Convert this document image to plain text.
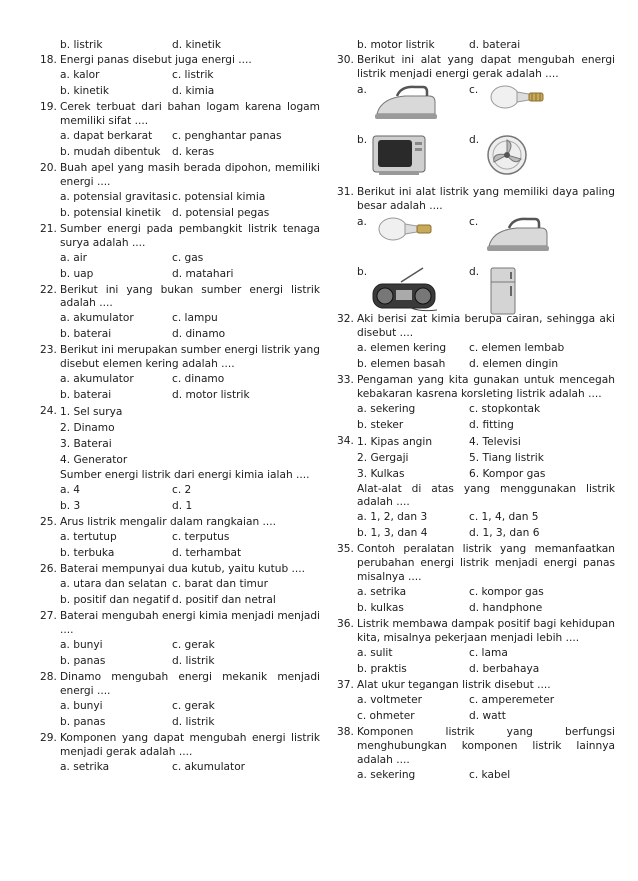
b. listrik	d. kinetik
18. Energi panas disebut juga energi ....
a. kalor	c. listrik
b. kinetik	d. kimia
19. Cerek terbuat dari bahan logam karena logam memiliki sifat ....
a. dapat berkarat	c. penghantar panas
b. mudah dibentuk	d. keras
20. Buah apel yang masih berada dipohon, memiliki energi ....
a. potensial gravitasi c. potensial kimia
b. potensial kinetik	d. potensial pegas
21. Sumber energi pada pembangkit listrik tenaga surya adalah ....
a. air	c. gas
b. uap	d. matahari
22. Berikut ini yang bukan sumber energi listrik adalah ....
a. akumulator	c. lampu
b. baterai	d. dinamo
23. Berikut ini merupakan sumber energi listrik yang disebut elemen kering adalah ....
a. akumulator	c. dinamo
b. baterai	d. motor listrik
24. 1. Sel surya
2. Dinamo
3. Baterai
4. Generator
Sumber energi listrik dari energi kimia ialah ....
a. 4	c. 2
b. 3	d. 1
25. Arus listrik mengalir dalam rangkaian ....
a. tertutup	c. terputus
b. terbuka	d. terhambat
26. Baterai mempunyai dua kutub, yaitu kutub ....
a. utara dan selatan c. barat dan timur
b. positif dan negatif d. positif dan netral
27. Baterai mengubah energi kimia menjadi menjadi ....
a. bunyi	c. gerak
b. panas	d. listrik
28. Dinamo mengubah energi mekanik menjadi energi ....
a. bunyi	c. gerak
b. panas	d. listrik
29. Komponen yang dapat mengubah energi listrik menjadi gerak adalah ....
a. setrika	c. akumulator
b. motor listrik	d. baterai
30. Berikut ini alat yang dapat mengubah energi listrik menjadi energi gerak adalah ....
a.	c.
b.	d.
31. Berikut ini alat listrik yang memiliki daya paling besar adalah ....
a.	c.
b.	d.
32. Aki berisi zat kimia berupa cairan, sehingga aki disebut ....
a. elemen kering	c. elemen lembab
b. elemen basah	d. elemen dingin
33. Pengaman yang kita gunakan untuk mencegah kebakaran kasrena korsleting listrik adalah ....
a. sekering	c. stopkontak
b. steker	d. fitting
34. 1. Kipas angin	4. Televisi
2. Gergaji	5. Tiang listrik
3. Kulkas	6. Kompor gas
Alat-alat di atas yang menggunakan listrik adalah ....
a. 1, 2, dan 3	c. 1, 4, dan 5
b. 1, 3, dan 4	d. 1, 3, dan 6
35. Contoh peralatan listrik yang memanfaatkan perubahan energi listrik menjadi energi panas misalnya ....
a. setrika	c. kompor gas
b. kulkas	d. handphone
36. Listrik membawa dampak positif bagi kehidupan kita, misalnya pekerjaan menjadi lebih ....
a. sulit	c. lama
b. praktis	d. berbahaya
37. Alat ukur tegangan listrik disebut ....
a. voltmeter	c. amperemeter
c. ohmeter	d. watt
38. Komponen listrik yang berfungsi menghubungkan komponen listrik lainnya adalah ....
a. sekering	c. kabel
